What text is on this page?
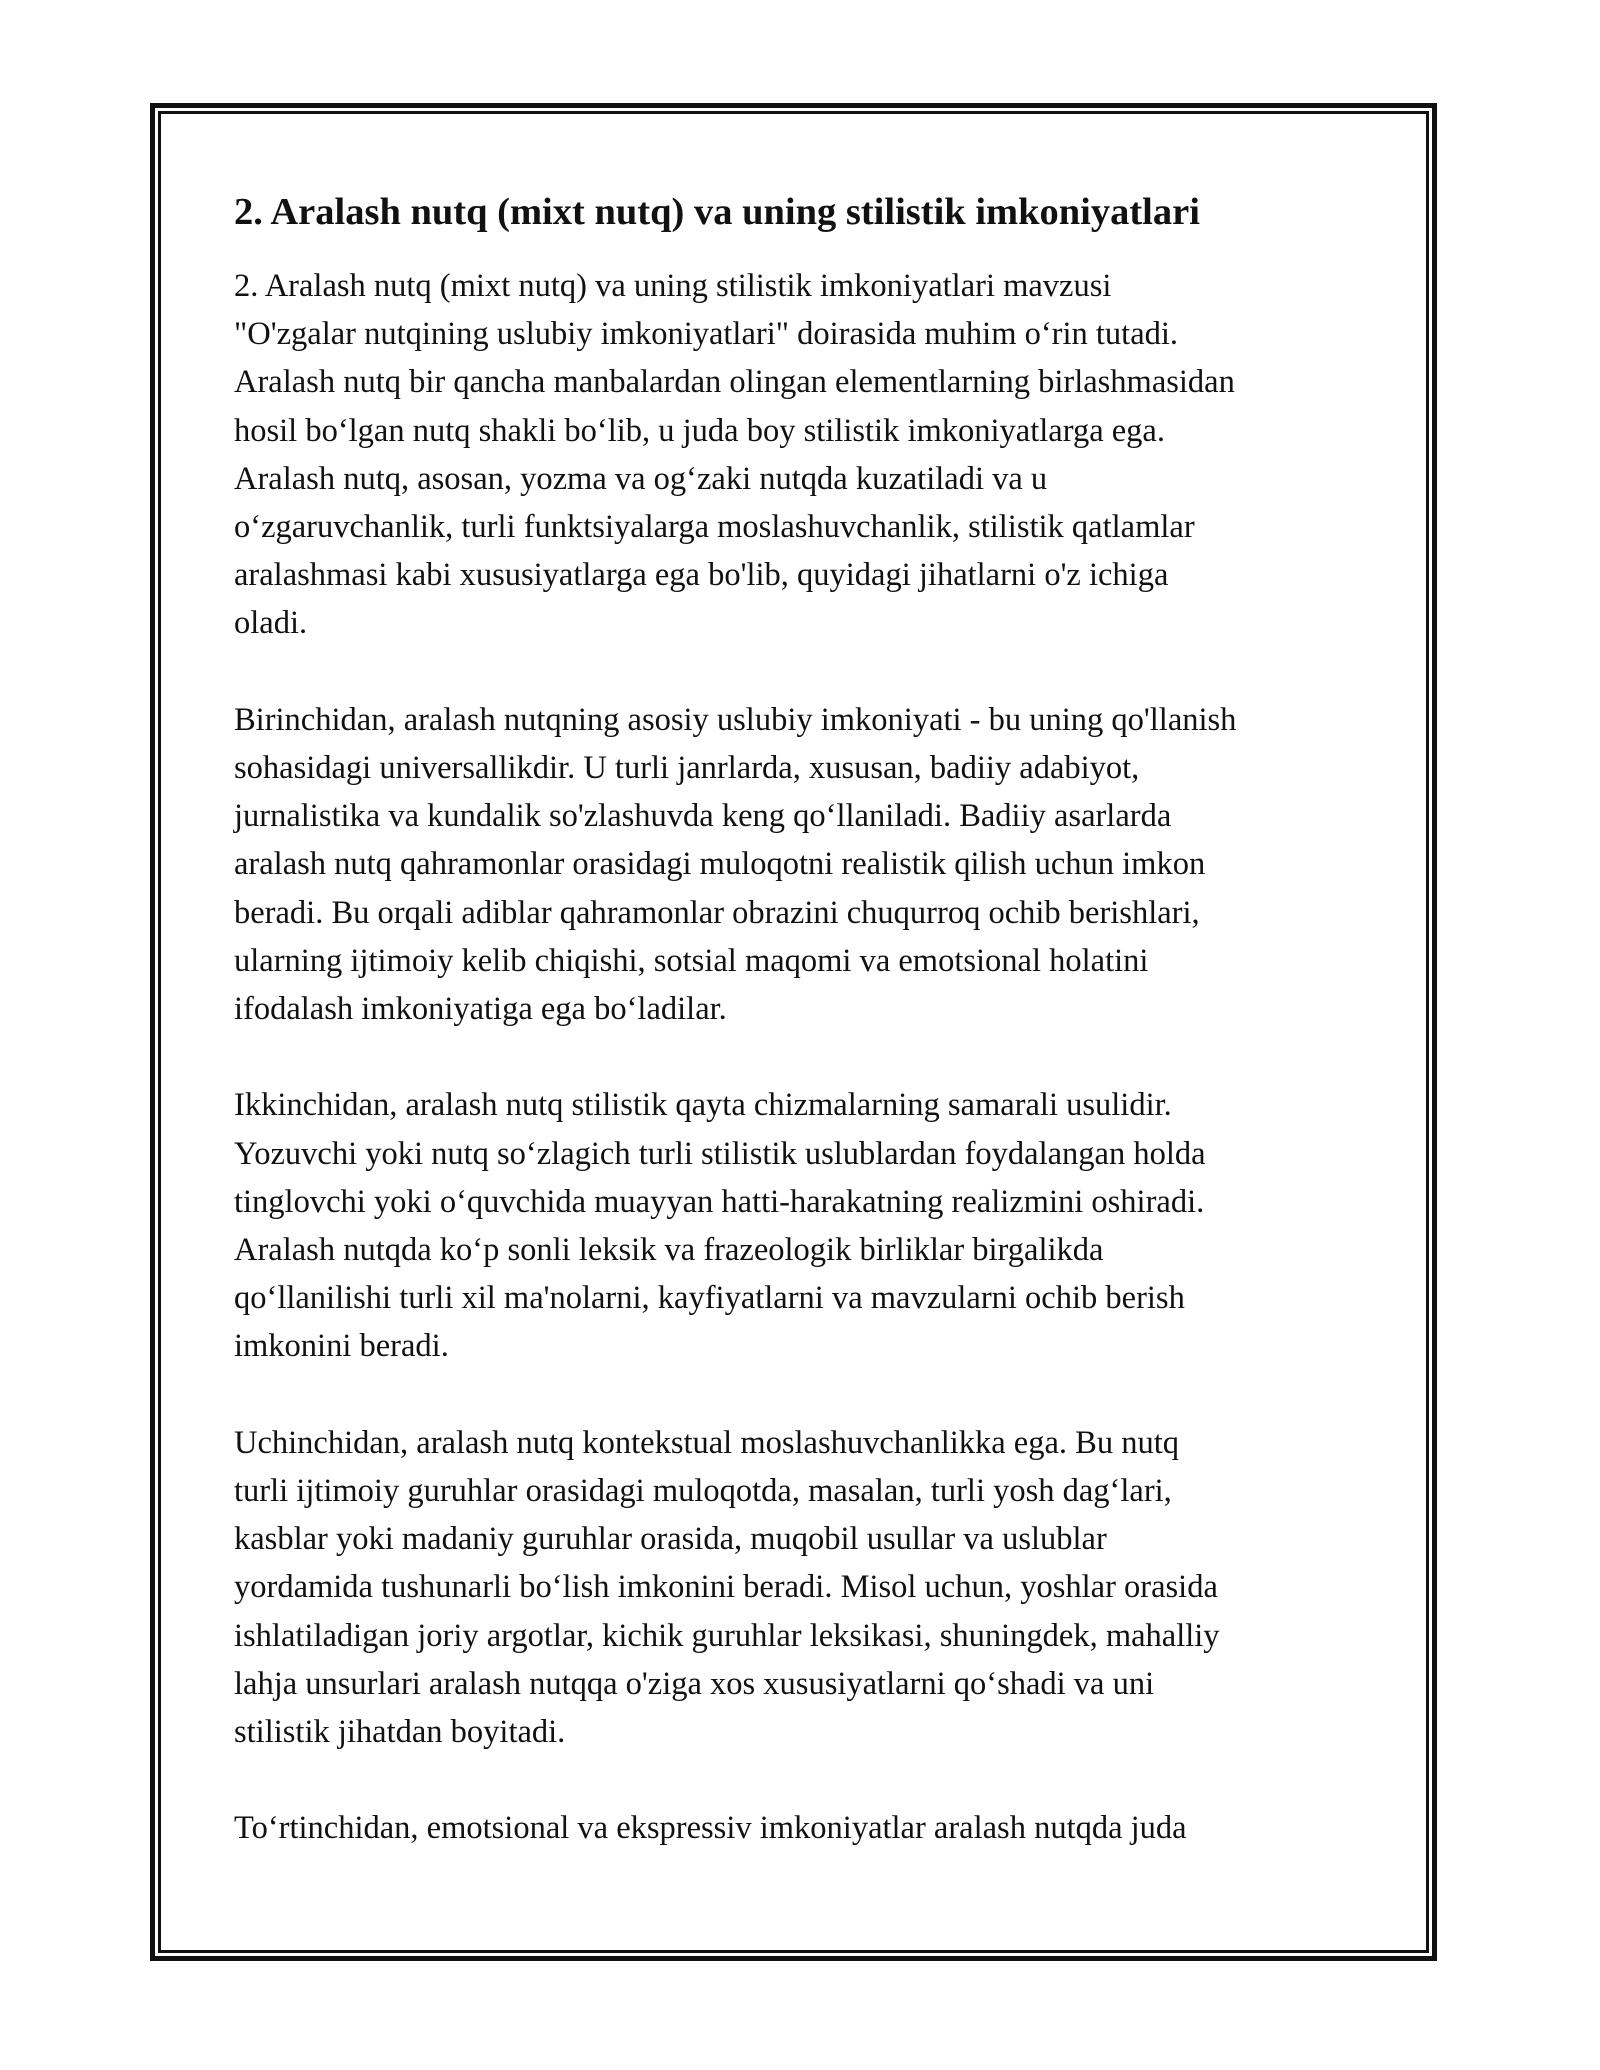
2. Aralash nutq (mixt nutq) va uning stilistik imkoniyatlari

2. Aralash nutq (mixt nutq) va uning stilistik imkoniyatlari mavzusi
"O'zgalar nutqining uslubiy imkoniyatlari" doirasida muhim o‘rin tutadi.
Aralash nutq bir qancha manbalardan olingan elementlarning birlashmasidan
hosil bo‘lgan nutq shakli bo‘lib, u juda boy stilistik imkoniyatlarga ega.
Aralash nutq, asosan, yozma va og‘zaki nutqda kuzatiladi va u
o‘zgaruvchanlik, turli funktsiyalarga moslashuvchanlik, stilistik qatlamlar
aralashmasi kabi xususiyatlarga ega bo'lib, quyidagi jihatlarni o'z ichiga
oladi.

Birinchidan, aralash nutqning asosiy uslubiy imkoniyati - bu uning qo'llanish
sohasidagi universallikdir. U turli janrlarda, xususan, badiiy adabiyot,
jurnalistika va kundalik so'zlashuvda keng qo‘llaniladi. Badiiy asarlarda
aralash nutq qahramonlar orasidagi muloqotni realistik qilish uchun imkon
beradi. Bu orqali adiblar qahramonlar obrazini chuqurroq ochib berishlari,
ularning ijtimoiy kelib chiqishi, sotsial maqomi va emotsional holatini
ifodalash imkoniyatiga ega bo‘ladilar.

Ikkinchidan, aralash nutq stilistik qayta chizmalarning samarali usulidir.
Yozuvchi yoki nutq so‘zlagich turli stilistik uslublardan foydalangan holda
tinglovchi yoki o‘quvchida muayyan hatti-harakatning realizmini oshiradi.
Aralash nutqda ko‘p sonli leksik va frazeologik birliklar birgalikda
qo‘llanilishi turli xil ma'nolarni, kayfiyatlarni va mavzularni ochib berish
imkonini beradi.

Uchinchidan, aralash nutq kontekstual moslashuvchanlikka ega. Bu nutq
turli ijtimoiy guruhlar orasidagi muloqotda, masalan, turli yosh dag‘lari,
kasblar yoki madaniy guruhlar orasida, muqobil usullar va uslublar
yordamida tushunarli bo‘lish imkonini beradi. Misol uchun, yoshlar orasida
ishlatiladigan joriy argotlar, kichik guruhlar leksikasi, shuningdek, mahalliy
lahja unsurlari aralash nutqqa o'ziga xos xususiyatlarni qo‘shadi va uni
stilistik jihatdan boyitadi.

To‘rtinchidan, emotsional va ekspressiv imkoniyatlar aralash nutqda juda
